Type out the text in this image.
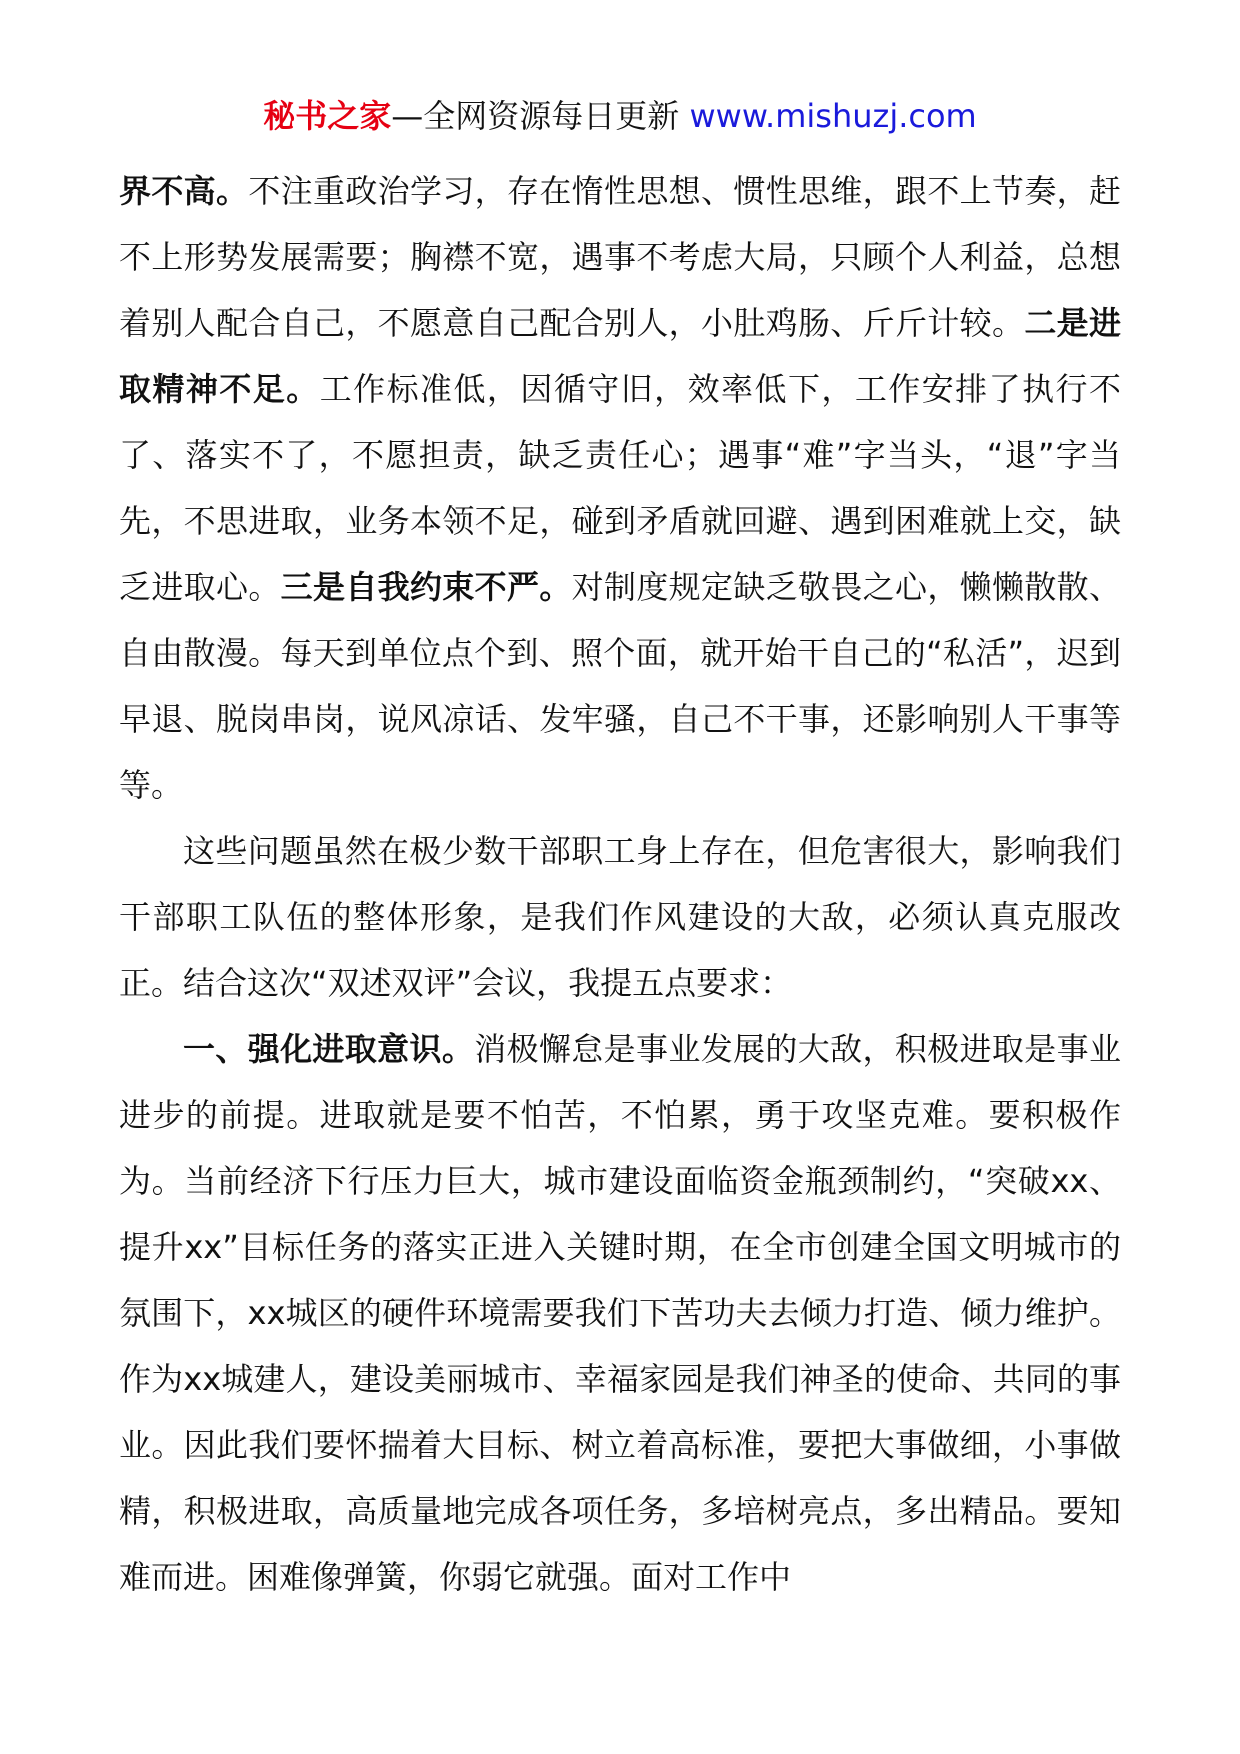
秘书之家—全网资源每日更新 www.mishuzj.com

界不高。不注重政治学习，存在惰性思想、惯性思维，跟不上节奏，赶不上形势发展需要；胸襟不宽，遇事不考虑大局，只顾个人利益，总想着别人配合自己，不愿意自己配合别人，小肚鸡肠、斤斤计较。二是进取精神不足。工作标准低，因循守旧，效率低下，工作安排了执行不了、落实不了，不愿担责，缺乏责任心；遇事“难”字当头，“退”字当先，不思进取，业务本领不足，碰到矛盾就回避、遇到困难就上交，缺乏进取心。三是自我约束不严。对制度规定缺乏敬畏之心，懒懒散散、自由散漫。每天到单位点个到、照个面，就开始干自己的“私活”，迟到早退、脱岗串岗，说风凉话、发牢骚，自己不干事，还影响别人干事等等。

这些问题虽然在极少数干部职工身上存在，但危害很大，影响我们干部职工队伍的整体形象，是我们作风建设的大敌，必须认真克服改正。结合这次“双述双评”会议，我提五点要求：

一、强化进取意识。消极懈怠是事业发展的大敌，积极进取是事业进步的前提。进取就是要不怕苦，不怕累，勇于攻坚克难。要积极作为。当前经济下行压力巨大，城市建设面临资金瓶颈制约，“突破xx、提升xx”目标任务的落实正进入关键时期，在全市创建全国文明城市的氛围下，xx城区的硬件环境需要我们下苦功夫去倾力打造、倾力维护。作为xx城建人，建设美丽城市、幸福家园是我们神圣的使命、共同的事业。因此我们要怀揣着大目标、树立着高标准，要把大事做细，小事做精，积极进取，高质量地完成各项任务，多培树亮点，多出精品。要知难而进。困难像弹簧，你弱它就强。面对工作中
